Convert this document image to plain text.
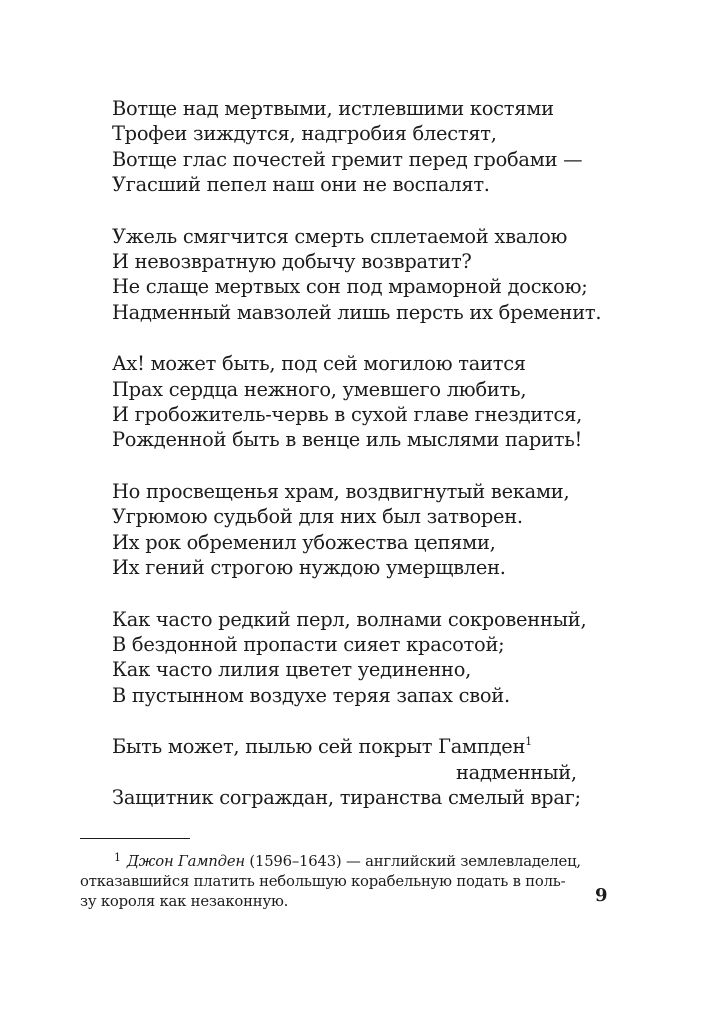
Вотще над мертвыми, истлевшими костями
Трофеи зиждутся, надгробия блестят,
Вотще глас почестей гремит перед гробами —
Угасший пепел наш они не воспалят.
Ужель смягчится смерть сплетаемой хвалою
И невозвратную добычу возвратит?
Не слаще мертвых сон под мраморной доскою;
Надменный мавзолей лишь персть их бременит.
Ах! может быть, под сей могилою таится
Прах сердца нежного, умевшего любить,
И гробожитель-червь в сухой главе гнездится,
Рожденной быть в венце иль мыслями парить!
Но просвещенья храм, воздвигнутый веками,
Угрюмою судьбой для них был затворен.
Их рок обременил убожества цепями,
Их гений строгою нуждою умерщвлен.
Как часто редкий перл, волнами сокровенный,
В бездонной пропасти сияет красотой;
Как часто лилия цветет уединенно,
В пустынном воздухе теряя запах свой.
Быть может, пылью сей покрыт Гампден$^1$
надменный,
Защитник сограждан, тиранства смелый враг;
$^1$ Джон Гампден (1596–1643) — английский землевладелец,
отказавшийся платить небольшую корабельную подать в поль-
зу короля как незаконную.	9
